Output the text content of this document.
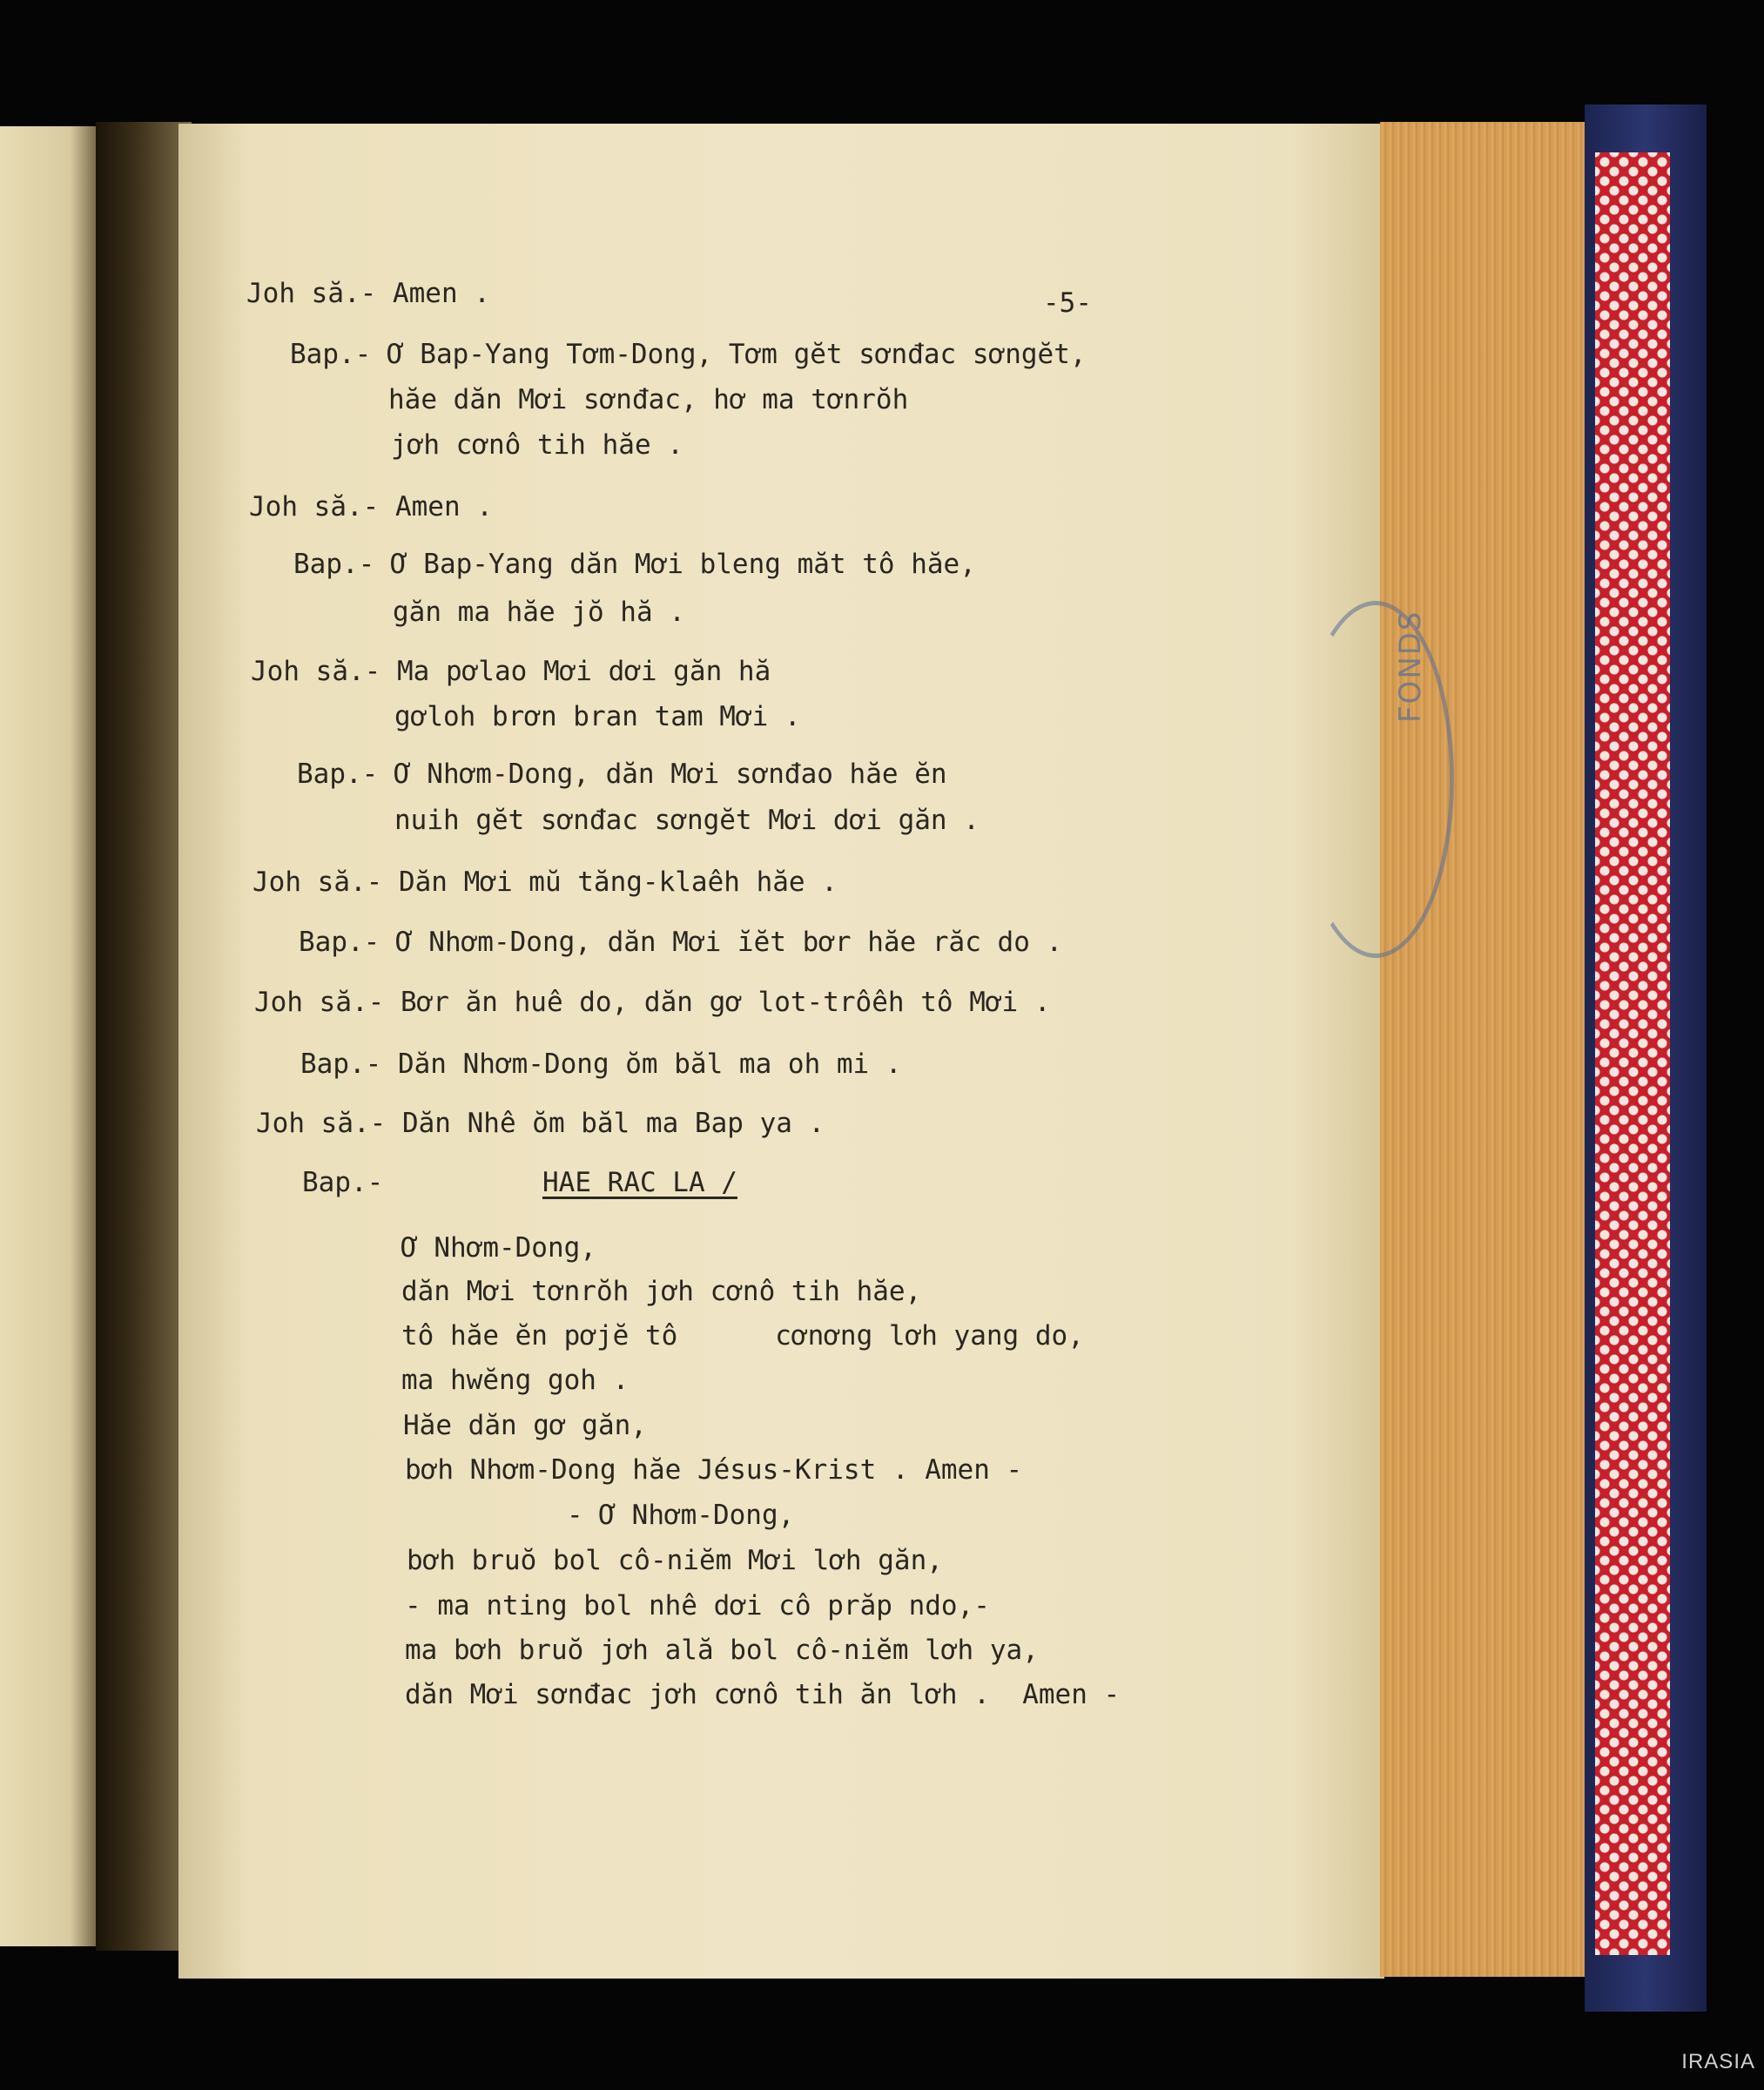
FONDS
-5-
Joh să.- Amen .
Bap.- Ơ Bap-Yang Tơm-Dong, Tơm gĕt sơnđac sơngĕt,
hăe dăn Mơi sơnđac, hơ ma tơnrŏh
jơh cơnô tih hăe .
Joh să.- Amen .
Bap.- Ơ Bap-Yang dăn Mơi bleng măt tô hăe,
găn ma hăe jŏ hă .
Joh să.- Ma pơlao Mơi dơi găn hă
gơloh brơn bran tam Mơi .
Bap.- Ơ Nhơm-Dong, dăn Mơi sơnđao hăe ĕn
nuih gĕt sơnđac sơngĕt Mơi dơi găn .
Joh să.- Dăn Mơi mŭ tăng-klaêh hăe .
Bap.- Ơ Nhơm-Dong, dăn Mơi ĭĕt bơr hăe răc do .
Joh să.- Bơr ăn huê do, dăn gơ lot-trôêh tô Mơi .
Bap.- Dăn Nhơm-Dong ŏm băl ma oh mi .
Joh să.- Dăn Nhê ŏm băl ma Bap ya .
Bap.-	HAE RAC LA /
Ơ Nhơm-Dong,
dăn Mơi tơnrŏh jơh cơnô tih hăe,
tô hăe ĕn pơjĕ tô      cơnơng lơh yang do,
ma hwĕng goh .
Hăe dăn gơ găn,
bơh Nhơm-Dong hăe Jésus-Krist . Amen -
- Ơ Nhơm-Dong,
bơh bruŏ bol cô-niĕm Mơi lơh găn,
- ma nting bol nhê dơi cô prăp ndo,-
ma bơh bruŏ jơh ală bol cô-niĕm lơh ya,
dăn Mơi sơnđac jơh cơnô tih ăn lơh .  Amen -
IRASIA
